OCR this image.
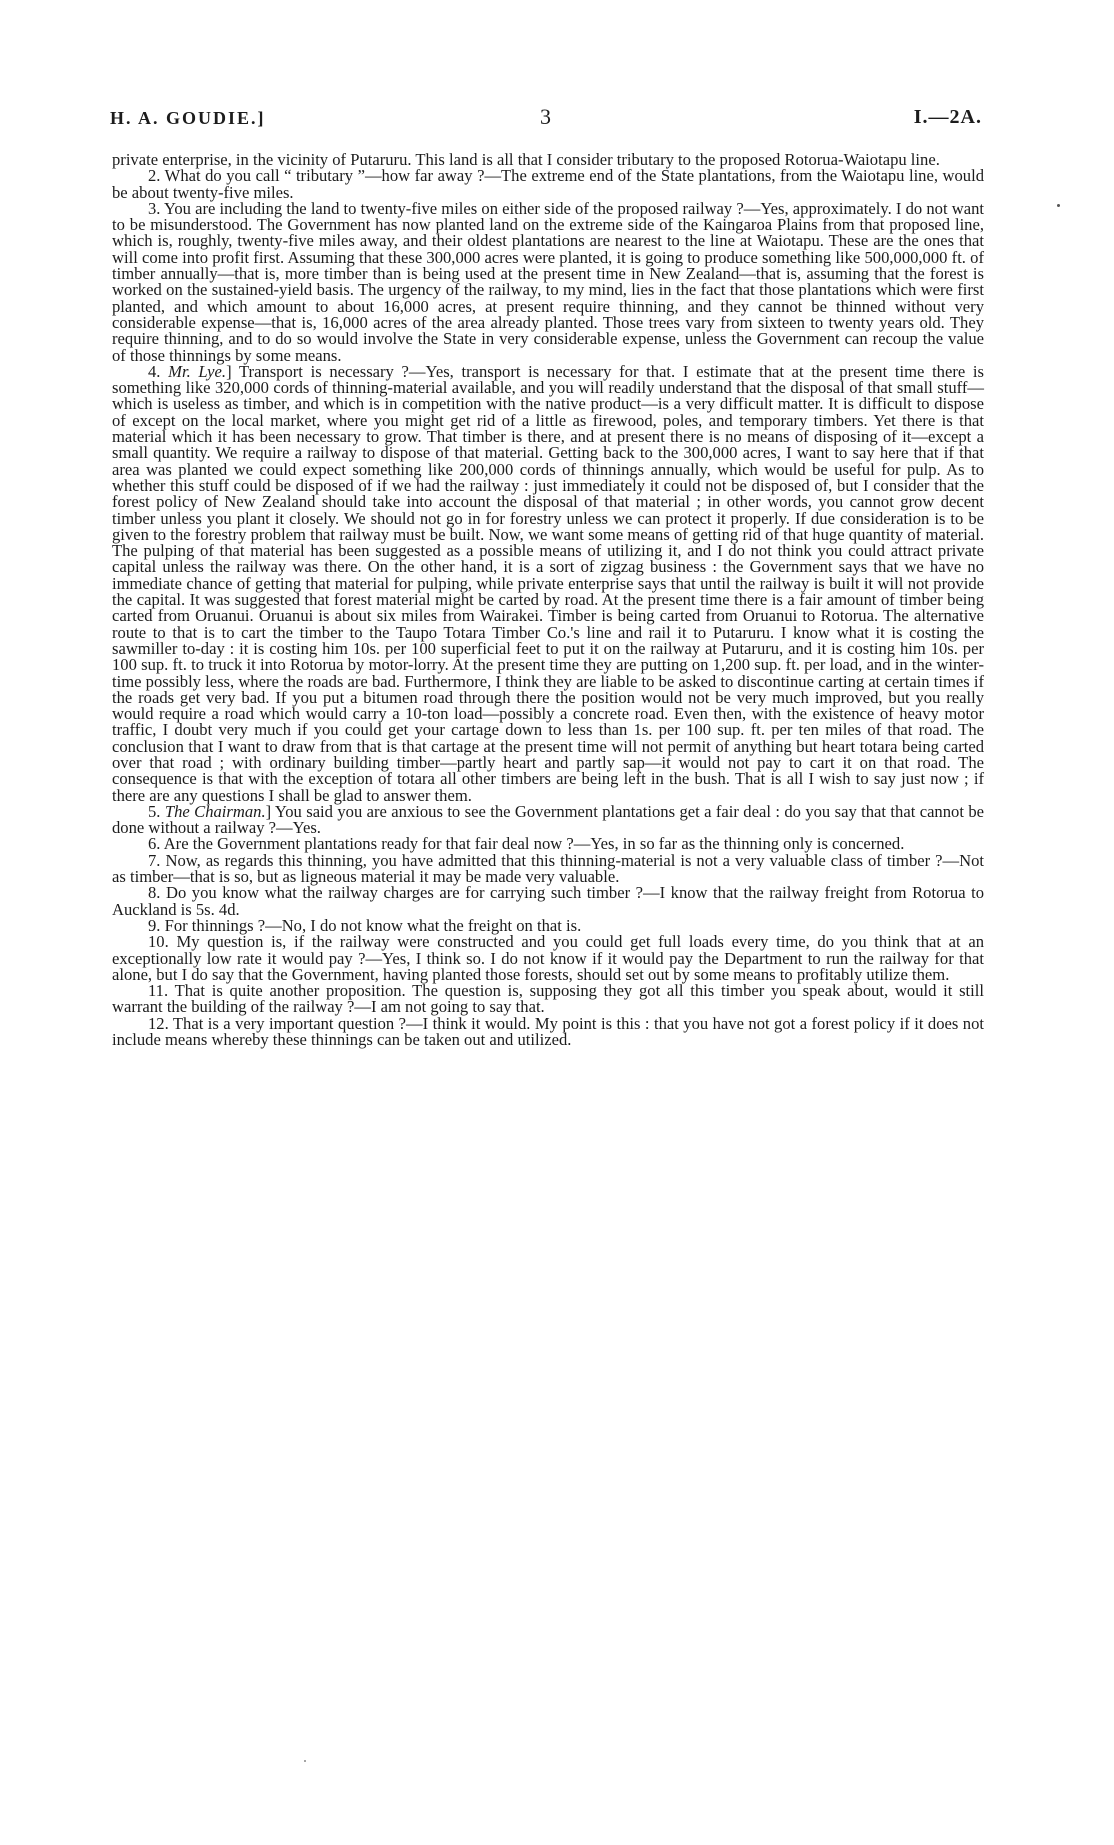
H. A. GOUDIE.]	3	I.—2A.

private enterprise, in the vicinity of Putaruru. This land is all that I consider tributary to the proposed Rotorua-Waiotapu line.

2. What do you call “ tributary ”—how far away ?—The extreme end of the State plantations, from the Waiotapu line, would be about twenty-five miles.

3. You are including the land to twenty-five miles on either side of the proposed railway ?—Yes, approximately. I do not want to be misunderstood. The Government has now planted land on the extreme side of the Kaingaroa Plains from that proposed line, which is, roughly, twenty-five miles away, and their oldest plantations are nearest to the line at Waiotapu. These are the ones that will come into profit first. Assuming that these 300,000 acres were planted, it is going to produce something like 500,000,000 ft. of timber annually—that is, more timber than is being used at the present time in New Zealand—that is, assuming that the forest is worked on the sustained-yield basis. The urgency of the railway, to my mind, lies in the fact that those plantations which were first planted, and which amount to about 16,000 acres, at present require thinning, and they cannot be thinned without very considerable expense—that is, 16,000 acres of the area already planted. Those trees vary from sixteen to twenty years old. They require thinning, and to do so would involve the State in very considerable expense, unless the Government can recoup the value of those thinnings by some means.

4. Mr. Lye.] Transport is necessary ?—Yes, transport is necessary for that. I estimate that at the present time there is something like 320,000 cords of thinning-material available, and you will readily understand that the disposal of that small stuff—which is useless as timber, and which is in competition with the native product—is a very difficult matter. It is difficult to dispose of except on the local market, where you might get rid of a little as firewood, poles, and temporary timbers. Yet there is that material which it has been necessary to grow. That timber is there, and at present there is no means of disposing of it—except a small quantity. We require a railway to dispose of that material. Getting back to the 300,000 acres, I want to say here that if that area was planted we could expect something like 200,000 cords of thinnings annually, which would be useful for pulp. As to whether this stuff could be disposed of if we had the railway : just immediately it could not be disposed of, but I consider that the forest policy of New Zealand should take into account the disposal of that material ; in other words, you cannot grow decent timber unless you plant it closely. We should not go in for forestry unless we can protect it properly. If due consideration is to be given to the forestry problem that railway must be built. Now, we want some means of getting rid of that huge quantity of material. The pulping of that material has been suggested as a possible means of utilizing it, and I do not think you could attract private capital unless the railway was there. On the other hand, it is a sort of zigzag business : the Government says that we have no immediate chance of getting that material for pulping, while private enterprise says that until the railway is built it will not provide the capital. It was suggested that forest material might be carted by road. At the present time there is a fair amount of timber being carted from Oruanui. Oruanui is about six miles from Wairakei. Timber is being carted from Oruanui to Rotorua. The alternative route to that is to cart the timber to the Taupo Totara Timber Co.'s line and rail it to Putaruru. I know what it is costing the sawmiller to-day : it is costing him 10s. per 100 superficial feet to put it on the railway at Putaruru, and it is costing him 10s. per 100 sup. ft. to truck it into Rotorua by motor-lorry. At the present time they are putting on 1,200 sup. ft. per load, and in the winter-time possibly less, where the roads are bad. Furthermore, I think they are liable to be asked to discontinue carting at certain times if the roads get very bad. If you put a bitumen road through there the position would not be very much improved, but you really would require a road which would carry a 10-ton load—possibly a concrete road. Even then, with the existence of heavy motor traffic, I doubt very much if you could get your cartage down to less than 1s. per 100 sup. ft. per ten miles of that road. The conclusion that I want to draw from that is that cartage at the present time will not permit of anything but heart totara being carted over that road ; with ordinary building timber—partly heart and partly sap—it would not pay to cart it on that road. The consequence is that with the exception of totara all other timbers are being left in the bush. That is all I wish to say just now ; if there are any questions I shall be glad to answer them.

5. The Chairman.] You said you are anxious to see the Government plantations get a fair deal : do you say that that cannot be done without a railway ?—Yes.

6. Are the Government plantations ready for that fair deal now ?—Yes, in so far as the thinning only is concerned.

7. Now, as regards this thinning, you have admitted that this thinning-material is not a very valuable class of timber ?—Not as timber—that is so, but as ligneous material it may be made very valuable.

8. Do you know what the railway charges are for carrying such timber ?—I know that the railway freight from Rotorua to Auckland is 5s. 4d.

9. For thinnings ?—No, I do not know what the freight on that is.

10. My question is, if the railway were constructed and you could get full loads every time, do you think that at an exceptionally low rate it would pay ?—Yes, I think so. I do not know if it would pay the Department to run the railway for that alone, but I do say that the Government, having planted those forests, should set out by some means to profitably utilize them.

11. That is quite another proposition. The question is, supposing they got all this timber you speak about, would it still warrant the building of the railway ?—I am not going to say that.

12. That is a very important question ?—I think it would. My point is this : that you have not got a forest policy if it does not include means whereby these thinnings can be taken out and utilized.
